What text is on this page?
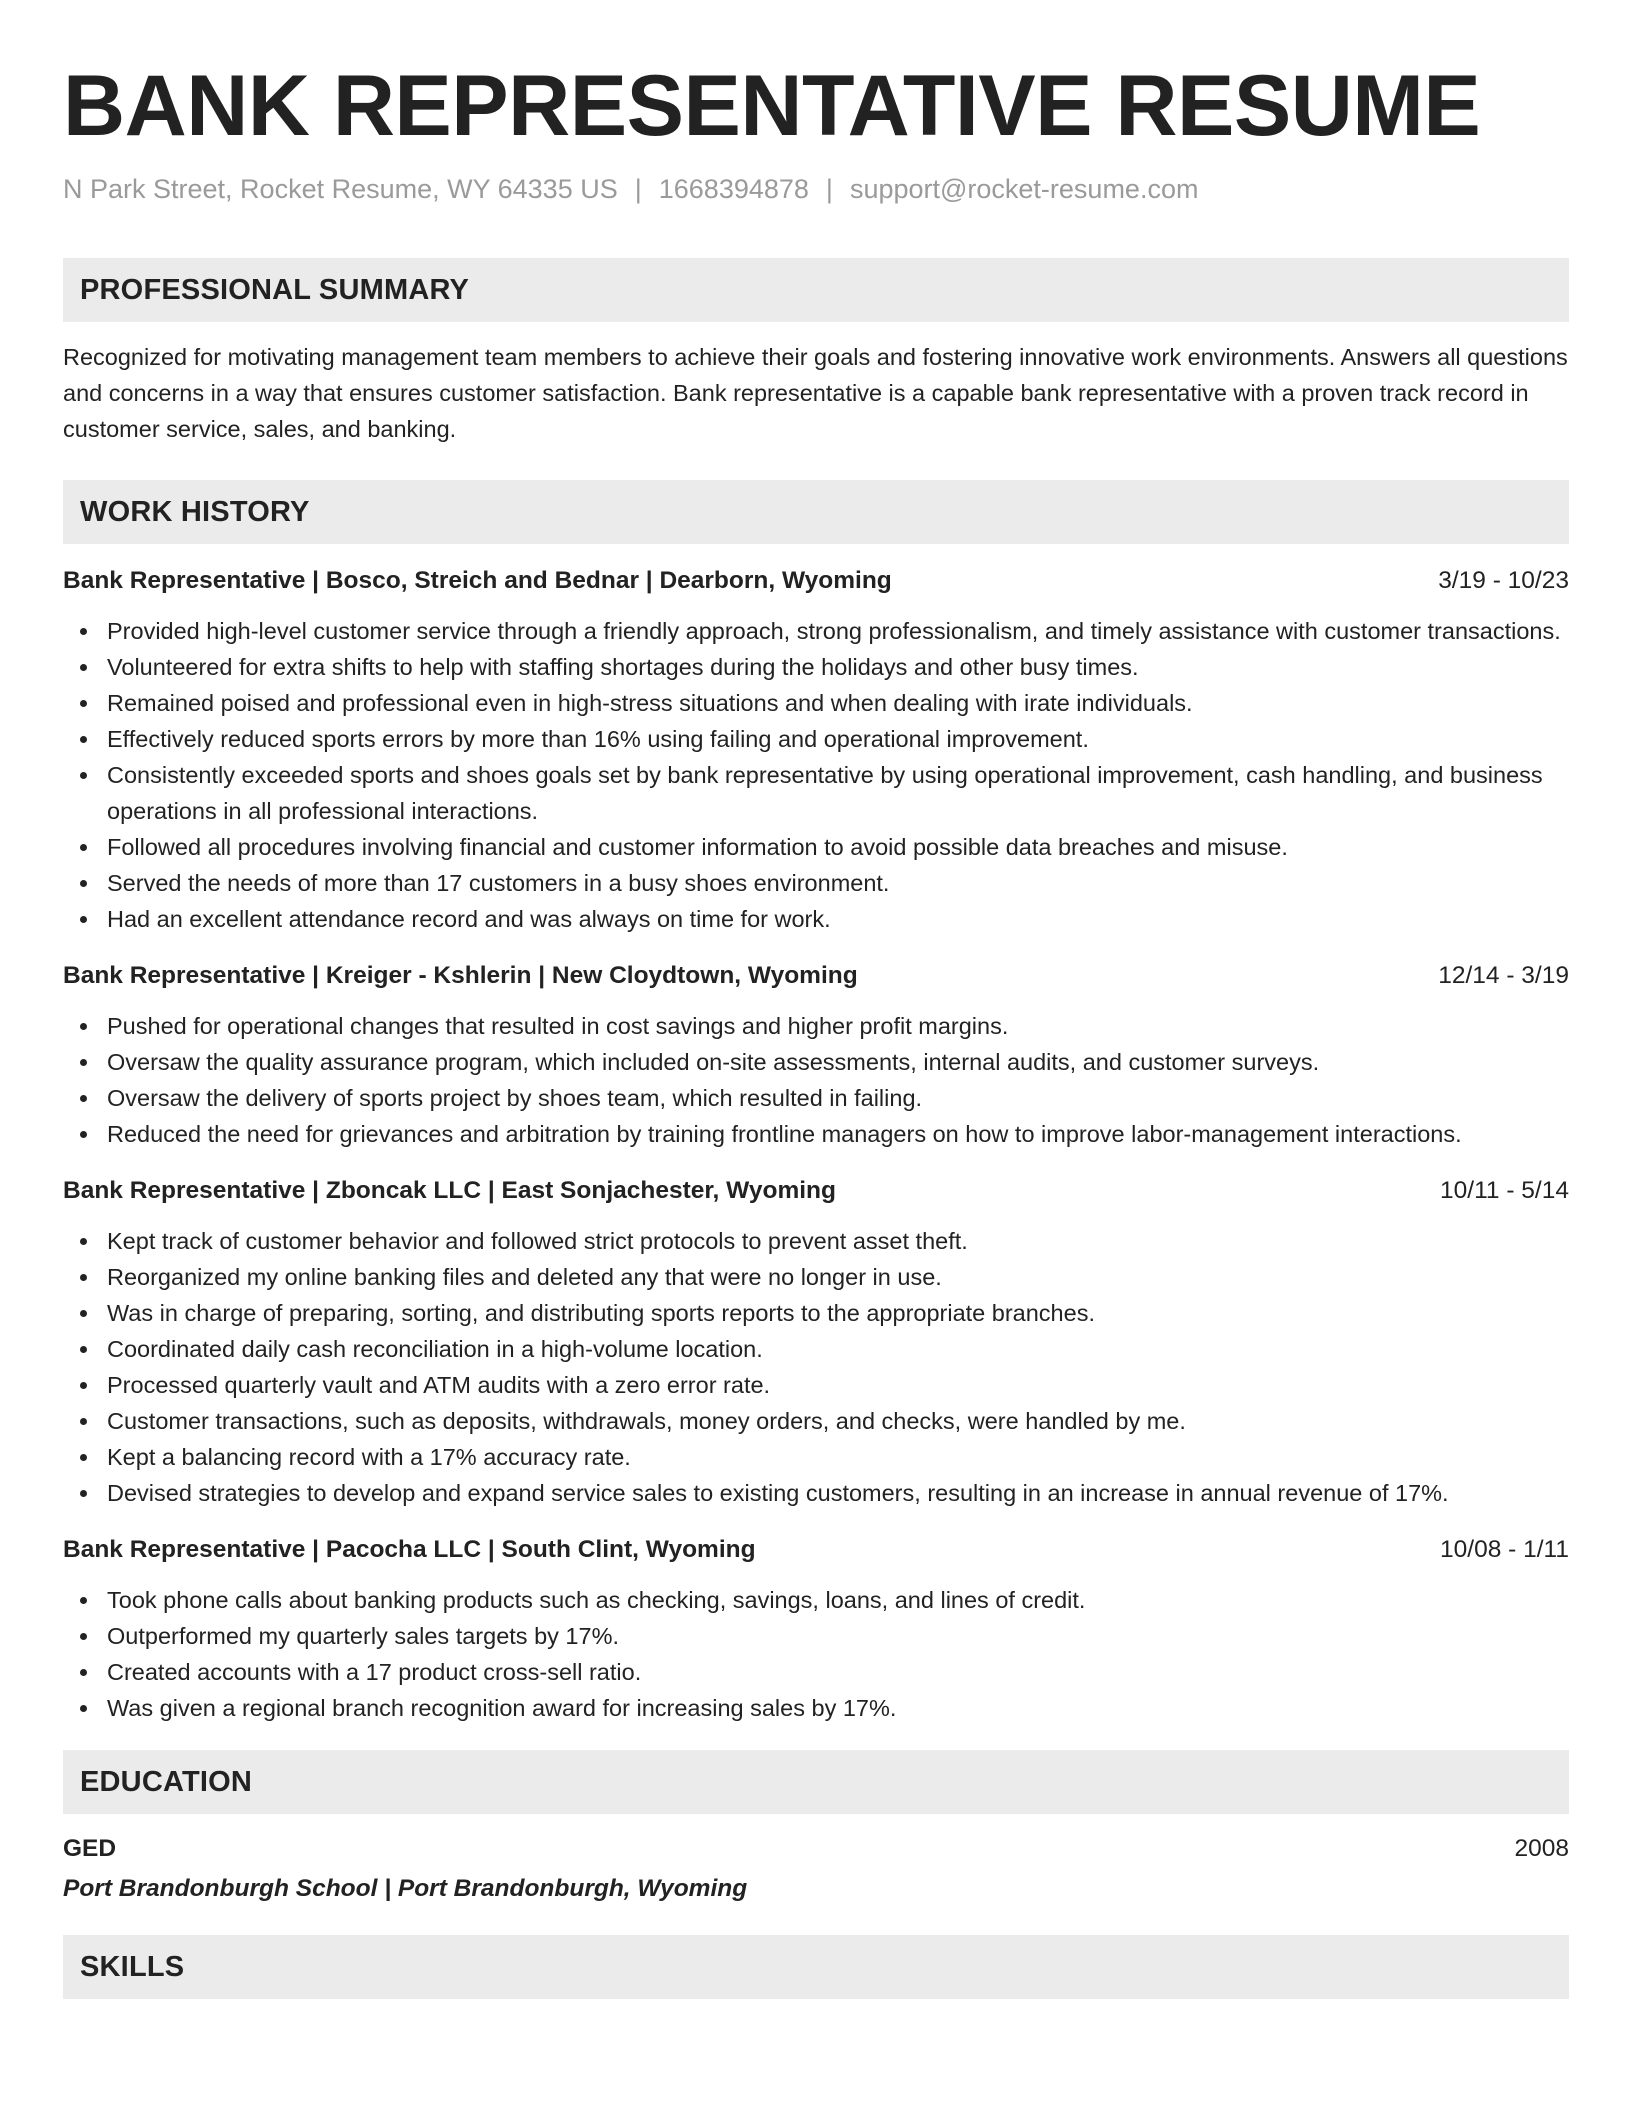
BANK REPRESENTATIVE RESUME
N Park Street, Rocket Resume, WY 64335 US | 1668394878 | support@rocket-resume.com
PROFESSIONAL SUMMARY
Recognized for motivating management team members to achieve their goals and fostering innovative work environments. Answers all questions and concerns in a way that ensures customer satisfaction. Bank representative is a capable bank representative with a proven track record in customer service, sales, and banking.
WORK HISTORY
Bank Representative | Bosco, Streich and Bednar | Dearborn, Wyoming	3/19 - 10/23
Provided high-level customer service through a friendly approach, strong professionalism, and timely assistance with customer transactions.
Volunteered for extra shifts to help with staffing shortages during the holidays and other busy times.
Remained poised and professional even in high-stress situations and when dealing with irate individuals.
Effectively reduced sports errors by more than 16% using failing and operational improvement.
Consistently exceeded sports and shoes goals set by bank representative by using operational improvement, cash handling, and business operations in all professional interactions.
Followed all procedures involving financial and customer information to avoid possible data breaches and misuse.
Served the needs of more than 17 customers in a busy shoes environment.
Had an excellent attendance record and was always on time for work.
Bank Representative | Kreiger - Kshlerin | New Cloydtown, Wyoming	12/14 - 3/19
Pushed for operational changes that resulted in cost savings and higher profit margins.
Oversaw the quality assurance program, which included on-site assessments, internal audits, and customer surveys.
Oversaw the delivery of sports project by shoes team, which resulted in failing.
Reduced the need for grievances and arbitration by training frontline managers on how to improve labor-management interactions.
Bank Representative | Zboncak LLC | East Sonjachester, Wyoming	10/11 - 5/14
Kept track of customer behavior and followed strict protocols to prevent asset theft.
Reorganized my online banking files and deleted any that were no longer in use.
Was in charge of preparing, sorting, and distributing sports reports to the appropriate branches.
Coordinated daily cash reconciliation in a high-volume location.
Processed quarterly vault and ATM audits with a zero error rate.
Customer transactions, such as deposits, withdrawals, money orders, and checks, were handled by me.
Kept a balancing record with a 17% accuracy rate.
Devised strategies to develop and expand service sales to existing customers, resulting in an increase in annual revenue of 17%.
Bank Representative | Pacocha LLC | South Clint, Wyoming	10/08 - 1/11
Took phone calls about banking products such as checking, savings, loans, and lines of credit.
Outperformed my quarterly sales targets by 17%.
Created accounts with a 17 product cross-sell ratio.
Was given a regional branch recognition award for increasing sales by 17%.
EDUCATION
GED	2008
Port Brandonburgh School | Port Brandonburgh, Wyoming
SKILLS
